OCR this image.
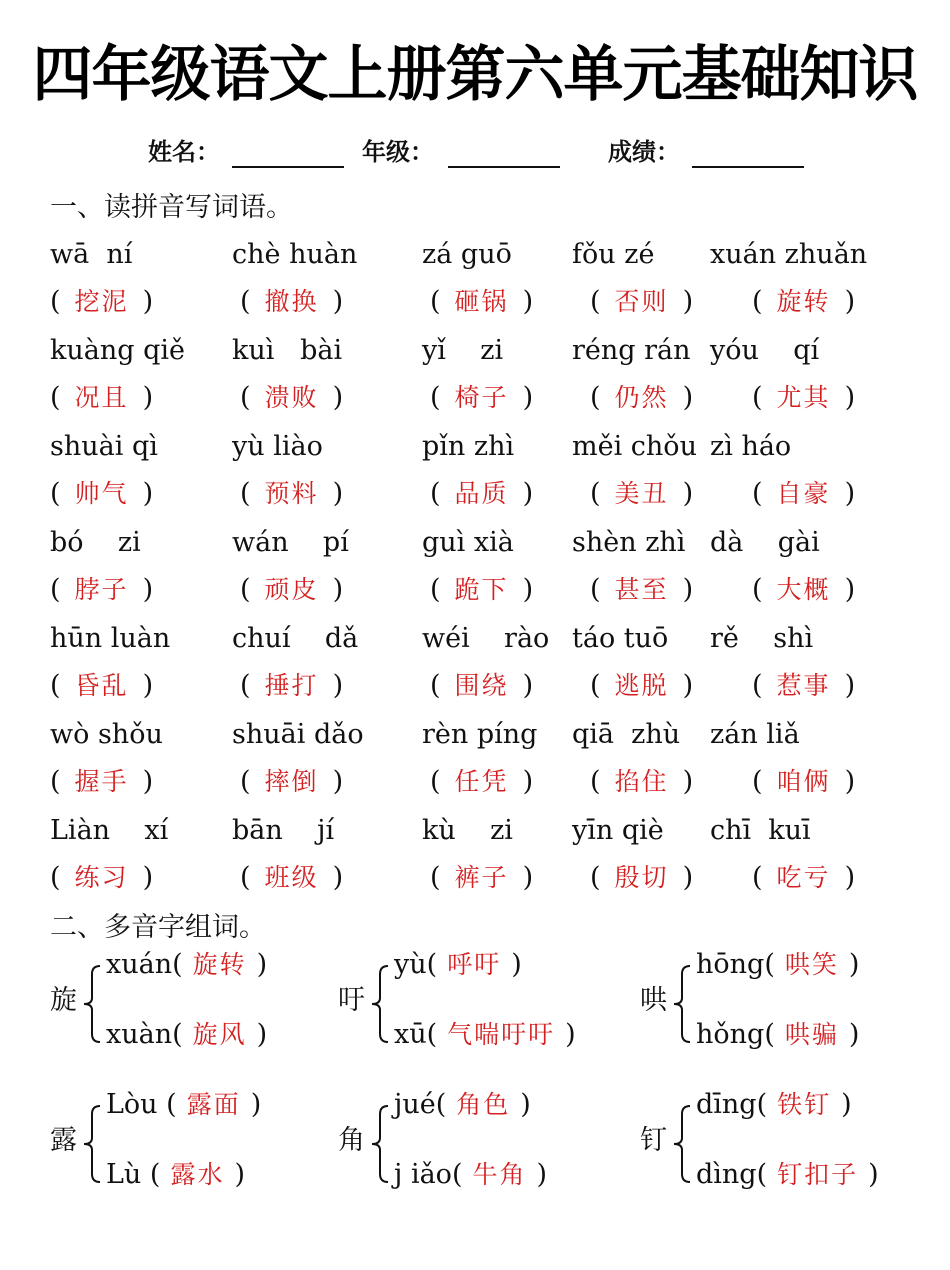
四年级语文上册第六单元基础知识
姓名：	年级：	成绩：
一、读拼音写词语。
wā  ní
( 挖泥 )
chè huàn
( 撤换 )
zá guō
( 砸锅 )
fǒu zé
( 否则 )
xuán zhuǎn
( 旋转 )
kuàng qiě
( 况且 )
kuì   bài
( 溃败 )
yǐ    zi
( 椅子 )
réng rán
( 仍然 )
yóu    qí
( 尤其 )
shuài qì
( 帅气 )
yù liào
( 预料 )
pǐn zhì
( 品质 )
měi chǒu
( 美丑 )
zì háo
( 自豪 )
bó    zi
( 脖子 )
wán    pí
( 顽皮 )
guì xià
( 跪下 )
shèn zhì
( 甚至 )
dà    gài
( 大概 )
hūn luàn
( 昏乱 )
chuí    dǎ
( 捶打 )
wéi    rào
( 围绕 )
táo tuō
( 逃脱 )
rě    shì
( 惹事 )
wò shǒu
( 握手 )
shuāi dǎo
( 摔倒 )
rèn píng
( 任凭 )
qiā  zhù
( 掐住 )
zán liǎ
( 咱俩 )
Liàn    xí
( 练习 )
bān    jí
( 班级 )
kù    zi
( 裤子 )
yīn qiè
( 殷切 )
chī  kuī
( 吃亏 )
二、多音字组词。
旋
xuán( 旋转 )
xuàn( 旋风 )
吁
yù( 呼吁 )
xū( 气喘吁吁 )
哄
hōng( 哄笑 )
hǒng( 哄骗 )
露
Lòu ( 露面 )
Lù ( 露水 )
角
jué( 角色 )
j iǎo( 牛角 )
钉
dīng( 铁钉 )
dìng( 钉扣子 )
